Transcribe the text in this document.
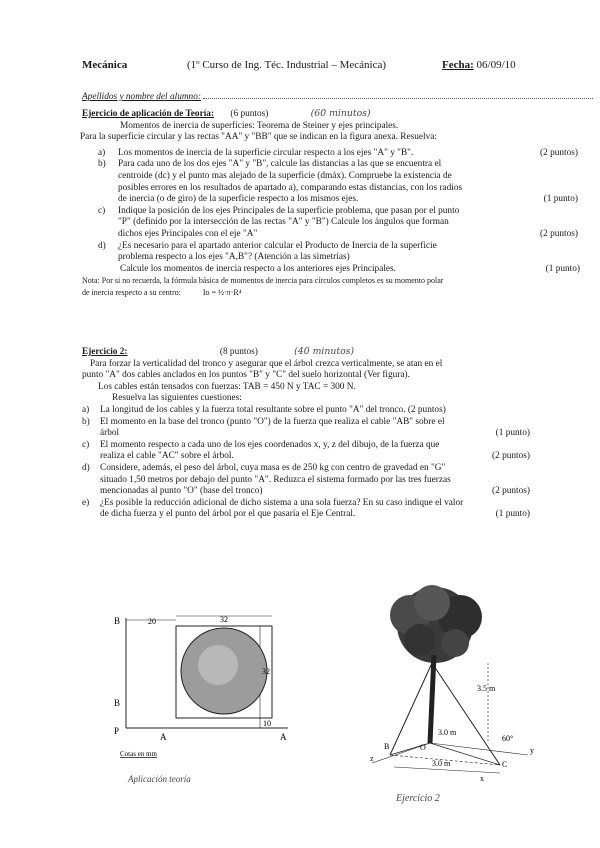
Mecánica	(1º Curso de Ing. Téc. Industrial – Mecánica)	Fecha: 06/09/10
Apellidos y nombre del alumno:
Ejercicio de aplicación de Teoría: (6 puntos)	(60 minutos)
Momentos de inercia de superficies: Teorema de Steiner y ejes principales.
Para la superficie circular y las rectas "AA" y "BB" que se indican en la figura anexa. Resuelva:
a) Los momentos de inercia de la superficie circular respecto a los ejes "A" y "B".	(2 puntos)
b) Para cada uno de los dos ejes "A" y "B", calcule las distancias a las que se encuentra el
centroide (dc) y el punto mas alejado de la superficie (dmáx). Compruebe la existencia de
posibles errores en los resultados de apartado a), comparando estas distancias, con los radios
de inercia (o de giro) de la superficie respecto a los mismos ejes.	(1 punto)
c) Indique la posición de los ejes Principales de la superficie problema, que pasan por el punto
"P" (definido por la intersección de las rectas "A" y "B") Calcule los ángulos que forman
dichos ejes Principales con el eje "A"	(2 puntos)
d) ¿Es necesario para el apartado anterior calcular el Producto de Inercia de la superficie
problema respecto a los ejes "A,B"? (Atención a las simetrías)
Calcule los momentos de inercia respecto a los anteriores ejes Principales.	(1 punto)
Nota: Por si no recuerda, la fórmula básica de momentos de inercia para círculos completos es su momento polar
de inercia respecto a su centro:	Io = ½·π·R⁴
Ejercicio 2:	(8 puntos)	(40 minutos)
Para forzar la verticalidad del tronco y asegurar que el árbol crezca verticalmente, se atan en el
punto "A" dos cables anclados en los puntos "B" y "C" del suelo horizontal (Ver figura).
Los cables están tensados con fuerzas: TAB = 450 N y TAC = 300 N.
Resuelva las siguientes cuestiones:
a) La longitud de los cables y la fuerza total resultante sobre el punto "A" del tronco. (2 puntos)
b) El momento en la base del tronco (punto "O") de la fuerza que realiza el cable "AB" sobre el
árbol	(1 punto)
c) El momento respecto a cada uno de los ejes coordenados x, y, z del dibujo, de la fuerza que
realiza el cable "AC" sobre el árbol.	(2 puntos)
d) Considere, además, el peso del árbol, cuya masa es de 250 kg con centro de gravedad en "G"
situado 1,50 metros por debajo del punto "A". Reduzca el sistema formado por las tres fuerzas
mencionadas al punto "O" (base del tronco)	(2 puntos)
e) ¿Es posible la reducción adicional de dicho sistema a una sola fuerza? En su caso indique el valor
de dicha fuerza y el punto del árbol por el que pasaría el Eje Central.	(1 punto)
B
B
P
A	A
20	32
32
10
Cotas en mm
Aplicación teoría
3.5 m
3.0 m
60°
3.0 m
B
C
O
z
x
y
Ejercicio 2
